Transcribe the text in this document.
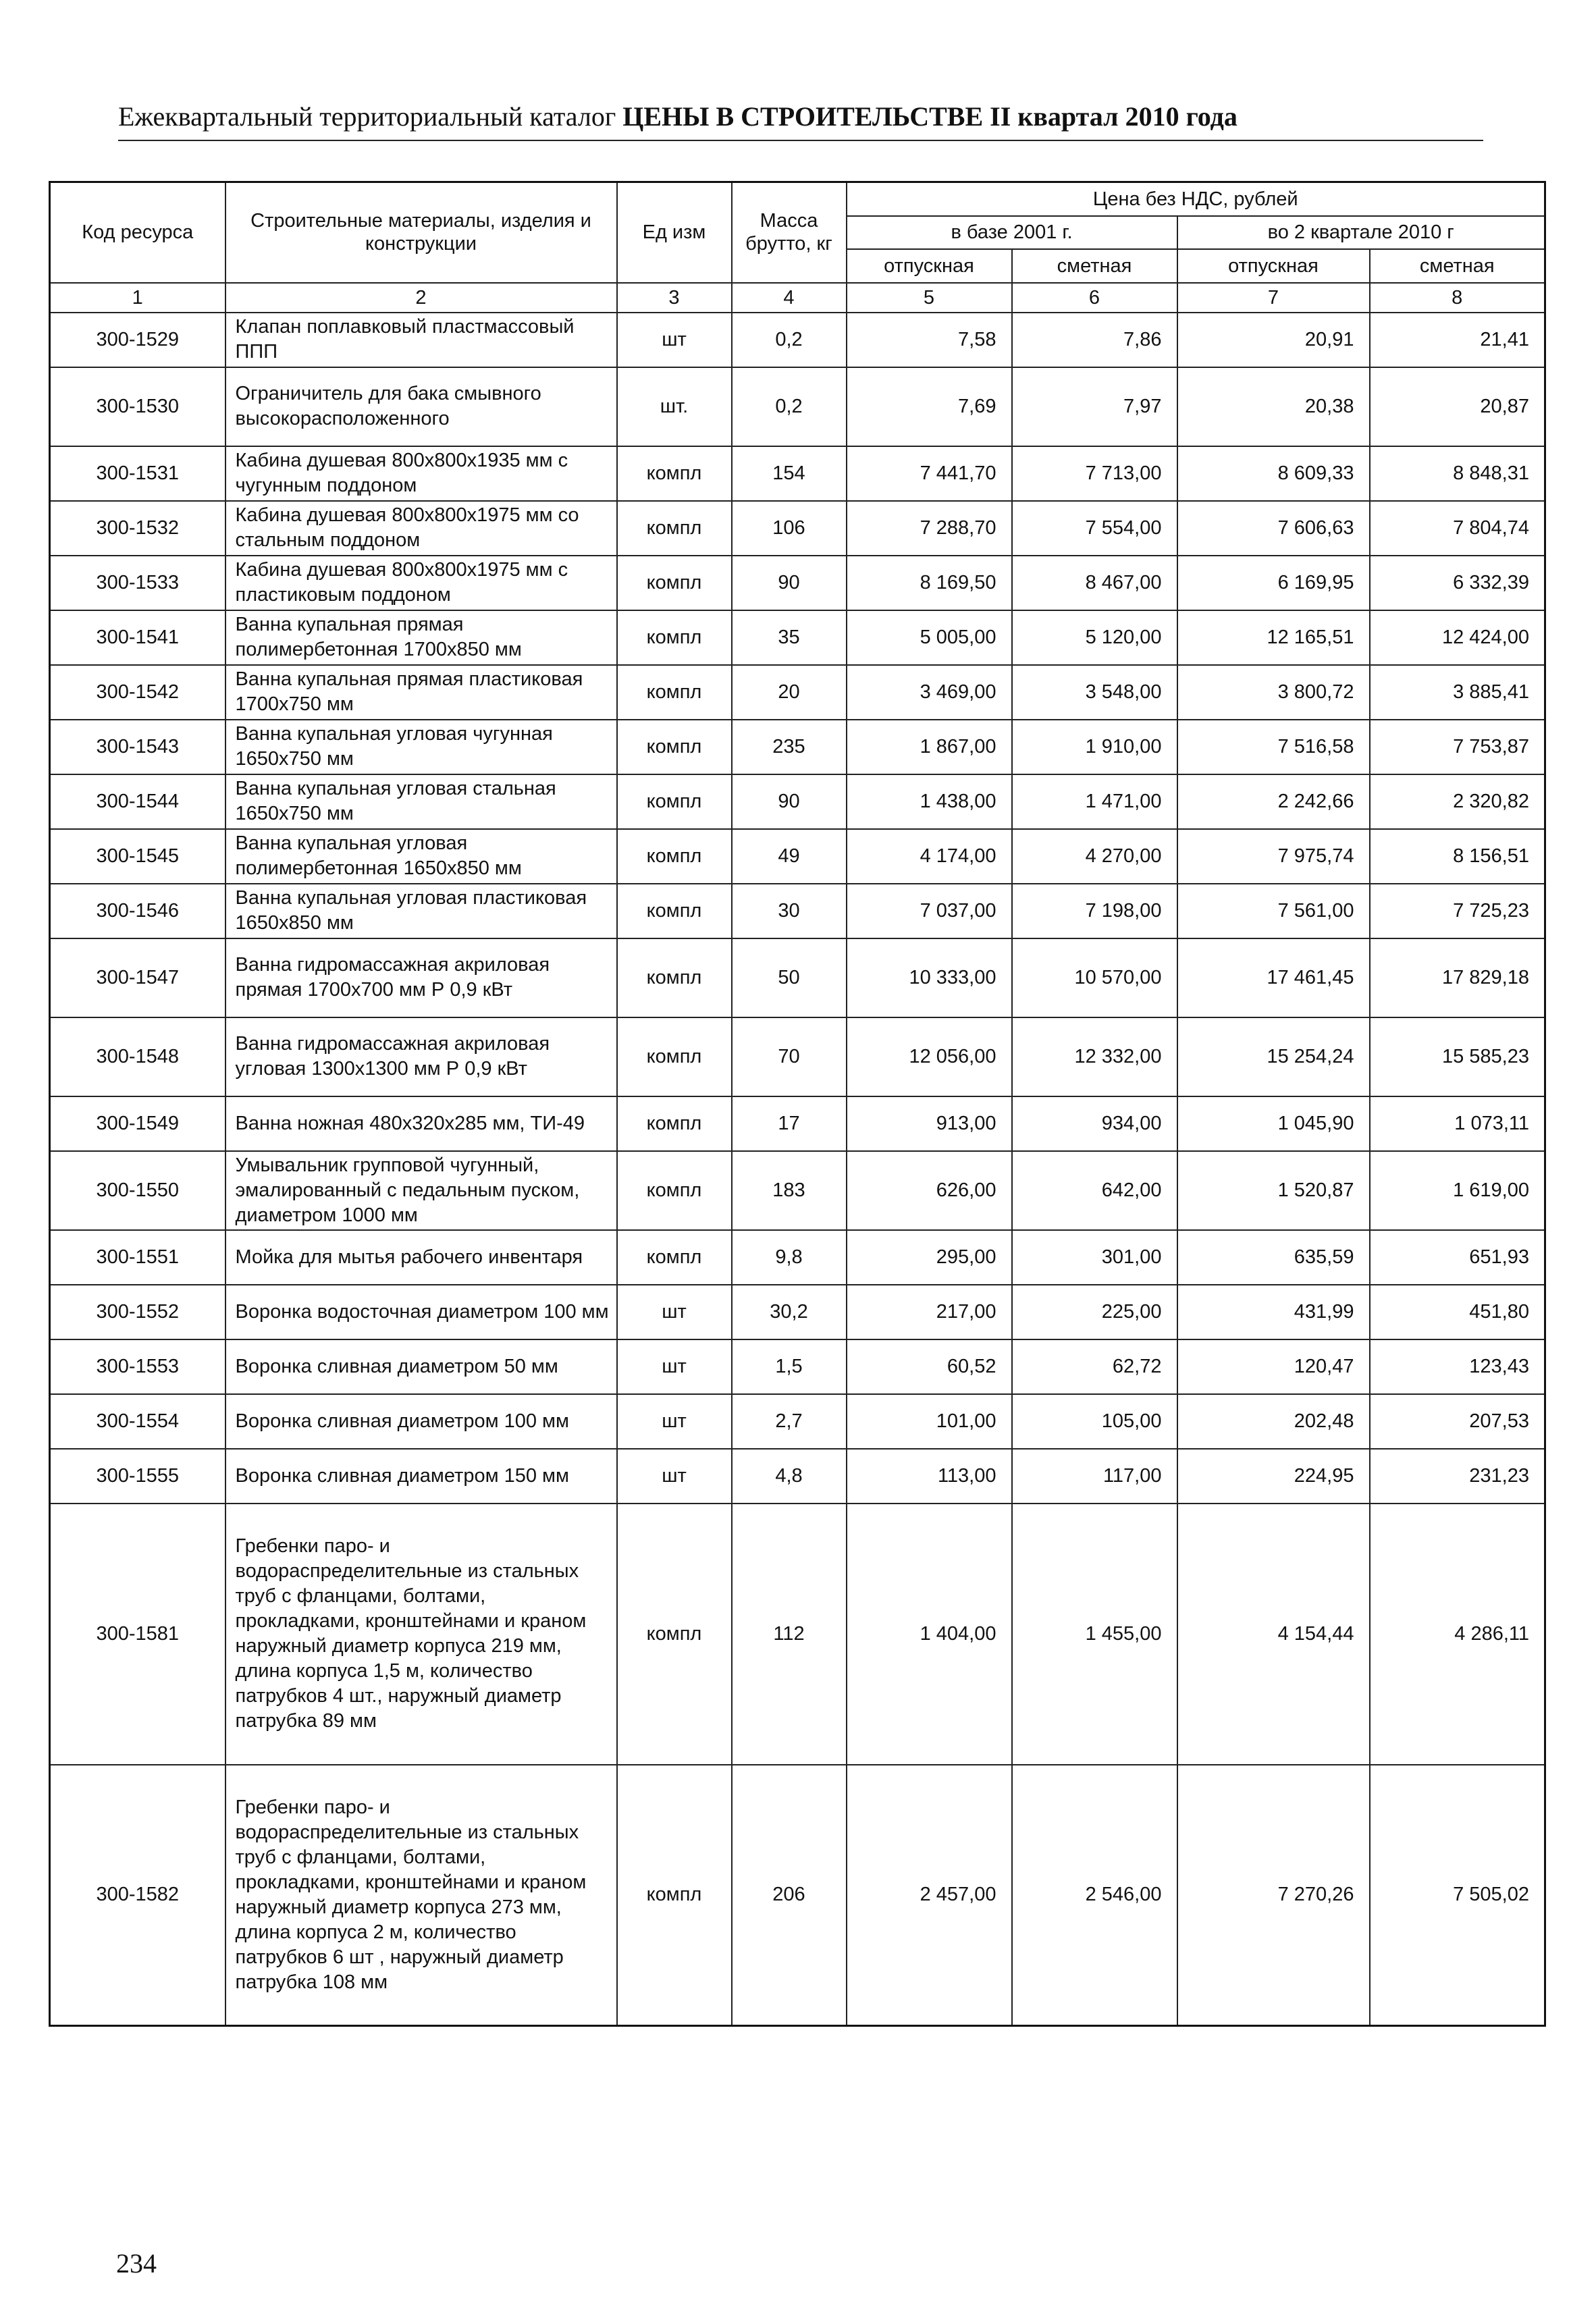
Ежеквартальный территориальный каталог ЦЕНЫ В СТРОИТЕЛЬСТВЕ II квартал 2010 года
Код ресурса	Строительные материалы, изделия и конструкции	Ед изм	Масса брутто, кг	Цена без НДС, рублей			
				в базе 2001 г.		во 2 квартале 2010 г	
				отпускная	сметная	отпускная	сметная
1	2	3	4	5	6	7	8
300-1529	Клапан поплавковый пластмассовый ППП	шт	0,2	7,58	7,86	20,91	21,41
300-1530	Ограничитель для бака смывного высокорасположенного	шт.	0,2	7,69	7,97	20,38	20,87
300-1531	Кабина душевая 800х800х1935 мм с чугунным поддоном	компл	154	7 441,70	7 713,00	8 609,33	8 848,31
300-1532	Кабина душевая 800х800х1975 мм со стальным поддоном	компл	106	7 288,70	7 554,00	7 606,63	7 804,74
300-1533	Кабина душевая 800х800х1975 мм с пластиковым поддоном	компл	90	8 169,50	8 467,00	6 169,95	6 332,39
300-1541	Ванна купальная прямая полимербетонная 1700х850 мм	компл	35	5 005,00	5 120,00	12 165,51	12 424,00
300-1542	Ванна купальная прямая пластиковая 1700х750 мм	компл	20	3 469,00	3 548,00	3 800,72	3 885,41
300-1543	Ванна купальная угловая чугунная 1650х750 мм	компл	235	1 867,00	1 910,00	7 516,58	7 753,87
300-1544	Ванна купальная угловая стальная 1650х750 мм	компл	90	1 438,00	1 471,00	2 242,66	2 320,82
300-1545	Ванна купальная угловая полимербетонная 1650х850 мм	компл	49	4 174,00	4 270,00	7 975,74	8 156,51
300-1546	Ванна купальная угловая пластиковая 1650х850 мм	компл	30	7 037,00	7 198,00	7 561,00	7 725,23
300-1547	Ванна гидромассажная акриловая прямая 1700х700 мм Р 0,9 кВт	компл	50	10 333,00	10 570,00	17 461,45	17 829,18
300-1548	Ванна гидромассажная акриловая угловая 1300х1300 мм Р 0,9 кВт	компл	70	12 056,00	12 332,00	15 254,24	15 585,23
300-1549	Ванна ножная 480х320х285 мм, ТИ-49	компл	17	913,00	934,00	1 045,90	1 073,11
300-1550	Умывальник групповой чугунный, эмалированный с педальным пуском, диаметром 1000 мм	компл	183	626,00	642,00	1 520,87	1 619,00
300-1551	Мойка для мытья рабочего инвентаря	компл	9,8	295,00	301,00	635,59	651,93
300-1552	Воронка водосточная диаметром 100 мм	шт	30,2	217,00	225,00	431,99	451,80
300-1553	Воронка сливная диаметром 50 мм	шт	1,5	60,52	62,72	120,47	123,43
300-1554	Воронка сливная диаметром 100 мм	шт	2,7	101,00	105,00	202,48	207,53
300-1555	Воронка сливная диаметром 150 мм	шт	4,8	113,00	117,00	224,95	231,23
300-1581	Гребенки паро- и водораспределительные из стальных труб с фланцами, болтами, прокладками, кронштейнами и краном наружный диаметр корпуса 219 мм, длина корпуса 1,5 м, количество патрубков 4 шт., наружный диаметр патрубка 89 мм	компл	112	1 404,00	1 455,00	4 154,44	4 286,11
300-1582	Гребенки паро- и водораспределительные из стальных труб с фланцами, болтами, прокладками, кронштейнами и краном наружный диаметр корпуса 273 мм, длина корпуса 2 м, количество патрубков 6 шт , наружный диаметр патрубка 108 мм	компл	206	2 457,00	2 546,00	7 270,26	7 505,02
234
